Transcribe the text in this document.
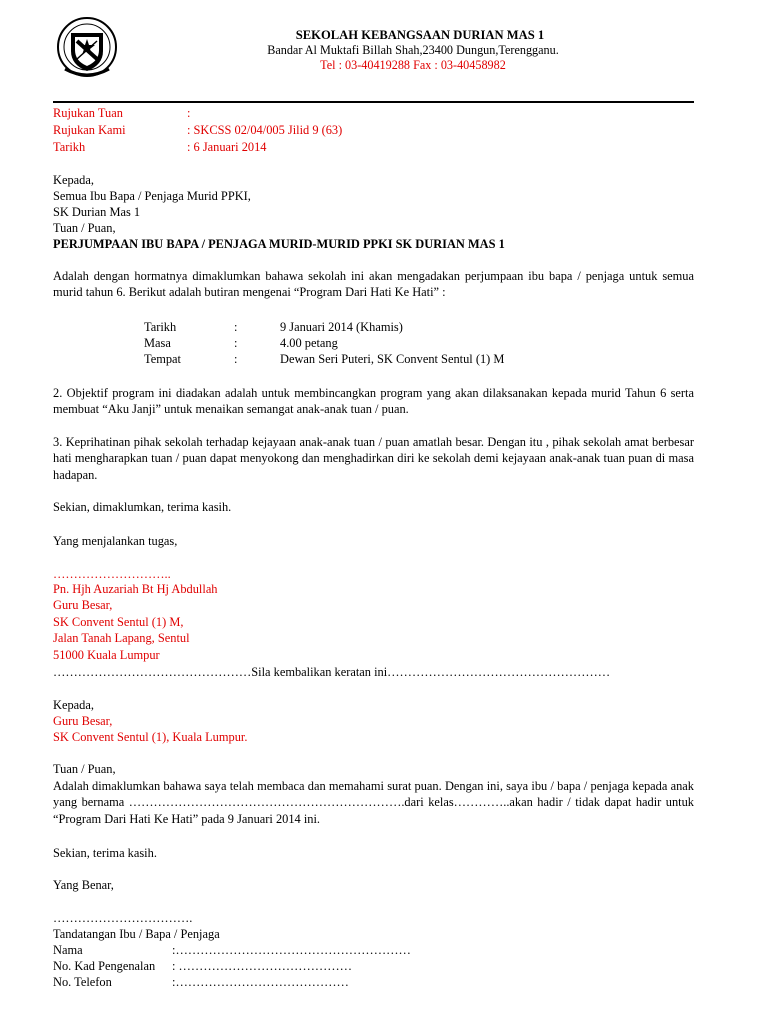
SEKOLAH KEBANGSAAN DURIAN MAS 1
Bandar Al Muktafi Billah Shah,23400 Dungun,Terengganu.
Tel : 03-40419288 Fax : 03-40458982
Rujukan Tuan	:
Rujukan Kami	: SKCSS 02/04/005 Jilid 9 (63)
Tarikh	: 6 Januari 2014
Kepada,
Semua Ibu Bapa / Penjaga Murid PPKI,
SK Durian Mas 1
Tuan / Puan,
PERJUMPAAN IBU BAPA / PENJAGA MURID-MURID PPKI SK DURIAN MAS 1
Adalah dengan hormatnya dimaklumkan bahawa sekolah ini akan mengadakan perjumpaan ibu bapa / penjaga untuk semua murid tahun 6. Berikut adalah butiran mengenai “Program Dari Hati Ke Hati” :
Tarikh	:	9 Januari 2014 (Khamis)
Masa	:	4.00 petang
Tempat	:	Dewan Seri Puteri, SK Convent Sentul (1) M
2. Objektif program ini diadakan adalah untuk membincangkan program yang akan dilaksanakan kepada murid Tahun 6 serta membuat “Aku Janji” untuk menaikan semangat anak-anak tuan / puan.
3. Keprihatinan pihak sekolah terhadap kejayaan anak-anak tuan / puan amatlah besar. Dengan itu , pihak sekolah amat berbesar hati mengharapkan tuan / puan dapat menyokong dan menghadirkan diri ke sekolah demi kejayaan anak-anak tuan puan di masa hadapan.
Sekian, dimaklumkan, terima kasih.
Yang menjalankan tugas,
………………………..
Pn. Hjh Auzariah Bt Hj Abdullah
Guru Besar,
SK Convent Sentul (1) M,
Jalan Tanah Lapang, Sentul
51000 Kuala Lumpur
…………………………………………Sila kembalikan keratan ini………………………………………………
Kepada,
Guru Besar,
SK Convent Sentul (1), Kuala Lumpur.
Tuan / Puan,
Adalah dimaklumkan bahawa saya telah membaca dan memahami surat puan. Dengan ini, saya ibu / bapa / penjaga kepada anak yang bernama ………………………………………………………….dari kelas…………..akan hadir / tidak dapat hadir untuk “Program Dari Hati Ke Hati” pada 9 Januari 2014 ini.
Sekian, terima kasih.
Yang Benar,
…………………………….
Tandatangan Ibu / Bapa / Penjaga
Nama	:…………………………………………………
No. Kad Pengenalan : ……………………………………
No. Telefon	:……………………………………
